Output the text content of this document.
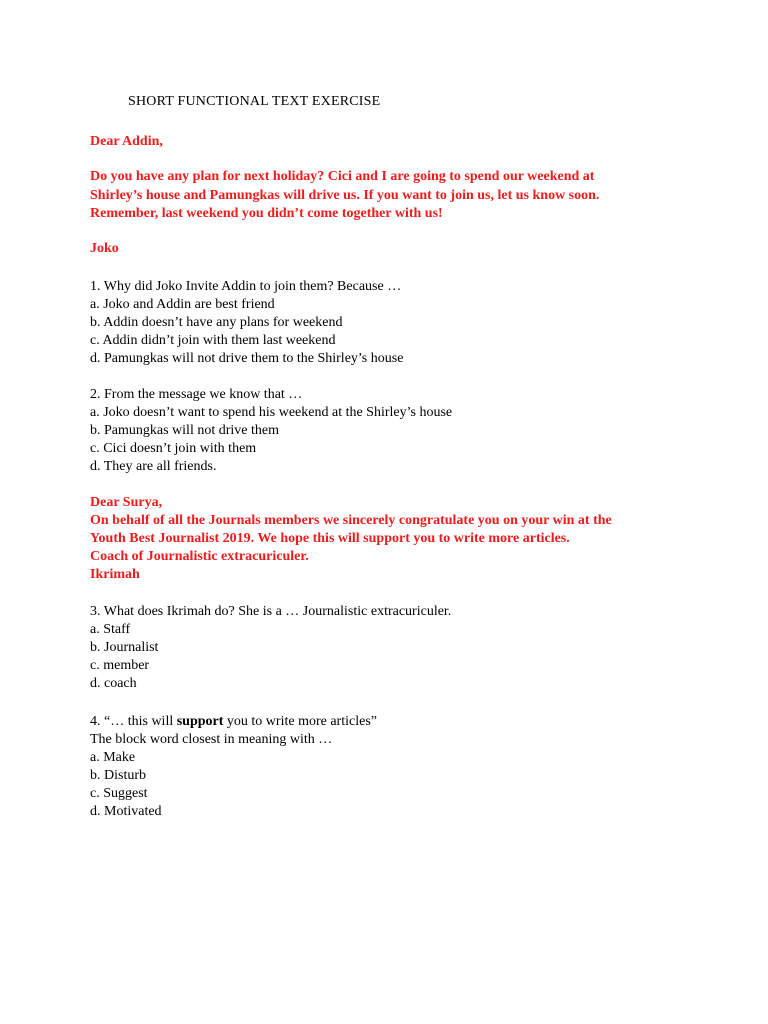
SHORT FUNCTIONAL TEXT EXERCISE
Dear Addin,
Do you have any plan for next holiday? Cici and I are going to spend our weekend at
Shirley’s house and Pamungkas will drive us. If you want to join us, let us know soon.
Remember, last weekend you didn’t come together with us!
Joko
1. Why did Joko Invite Addin to join them? Because …
a. Joko and Addin are best friend
b. Addin doesn’t have any plans for weekend
c. Addin didn’t join with them last weekend
d. Pamungkas will not drive them to the Shirley’s house
2. From the message we know that …
a. Joko doesn’t want to spend his weekend at the Shirley’s house
b. Pamungkas will not drive them
c. Cici doesn’t join with them
d. They are all friends.
Dear Surya,
On behalf of all the Journals members we sincerely congratulate you on your win at the
Youth Best Journalist 2019. We hope this will support you to write more articles.
Coach of Journalistic extracuriculer.
Ikrimah
3. What does Ikrimah do? She is a … Journalistic extracuriculer.
a. Staff
b. Journalist
c. member
d. coach
4. “… this will support you to write more articles”
The block word closest in meaning with …
a. Make
b. Disturb
c. Suggest
d. Motivated
